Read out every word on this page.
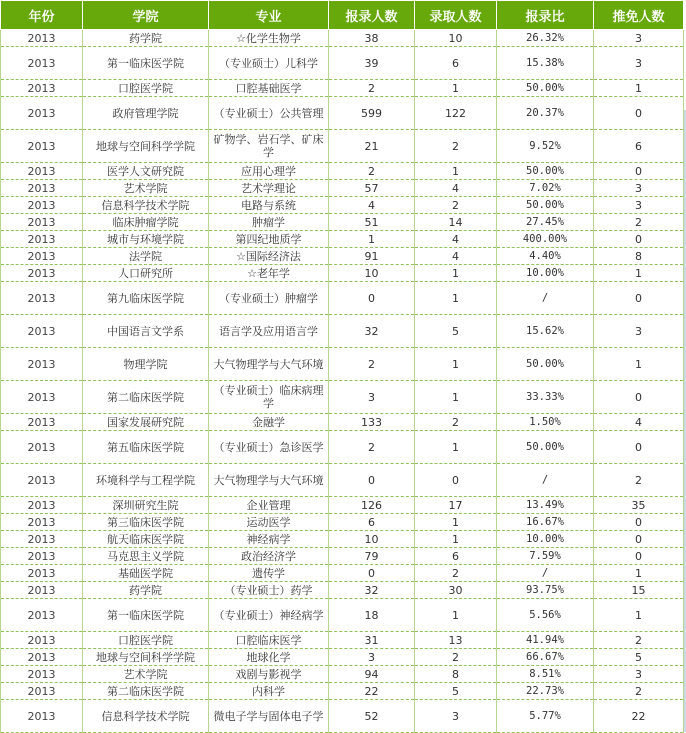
年份	学院	专业	报录人数	录取人数	报录比	推免人数
2013	药学院	☆化学生物学	38	10	26.32%	3
2013	第一临床医学院	（专业硕士）儿科学	39	6	15.38%	3
2013	口腔医学院	口腔基础医学	2	1	50.00%	1
2013	政府管理学院	（专业硕士）公共管理	599	122	20.37%	0
2013	地球与空间科学学院	矿物学、岩石学、矿床学	21	2	9.52%	6
2013	医学人文研究院	应用心理学	2	1	50.00%	0
2013	艺术学院	艺术学理论	57	4	7.02%	3
2013	信息科学技术学院	电路与系统	4	2	50.00%	3
2013	临床肿瘤学院	肿瘤学	51	14	27.45%	2
2013	城市与环境学院	第四纪地质学	1	4	400.00%	0
2013	法学院	☆国际经济法	91	4	4.40%	8
2013	人口研究所	☆老年学	10	1	10.00%	1
2013	第九临床医学院	（专业硕士）肿瘤学	0	1	/	0
2013	中国语言文学系	语言学及应用语言学	32	5	15.62%	3
2013	物理学院	大气物理学与大气环境	2	1	50.00%	1
2013	第二临床医学院	（专业硕士）临床病理学	3	1	33.33%	0
2013	国家发展研究院	金融学	133	2	1.50%	4
2013	第五临床医学院	（专业硕士）急诊医学	2	1	50.00%	0
2013	环境科学与工程学院	大气物理学与大气环境	0	0	/	2
2013	深圳研究生院	企业管理	126	17	13.49%	35
2013	第三临床医学院	运动医学	6	1	16.67%	0
2013	航天临床医学院	神经病学	10	1	10.00%	0
2013	马克思主义学院	政治经济学	79	6	7.59%	0
2013	基础医学院	遗传学	0	2	/	1
2013	药学院	（专业硕士）药学	32	30	93.75%	15
2013	第一临床医学院	（专业硕士）神经病学	18	1	5.56%	1
2013	口腔医学院	口腔临床医学	31	13	41.94%	2
2013	地球与空间科学学院	地球化学	3	2	66.67%	5
2013	艺术学院	戏剧与影视学	94	8	8.51%	3
2013	第二临床医学院	内科学	22	5	22.73%	2
2013	信息科学技术学院	微电子学与固体电子学	52	3	5.77%	22
